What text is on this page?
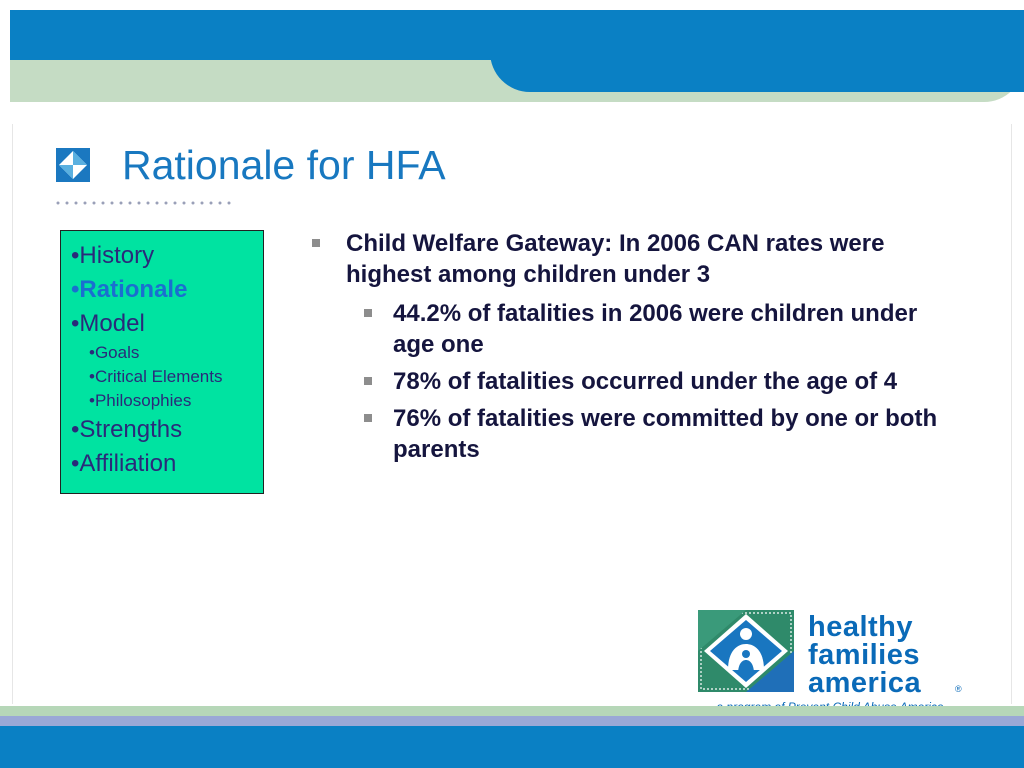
Rationale for HFA
•History
•Rationale
•Model
•Goals
•Critical Elements
•Philosophies
•Strengths
•Affiliation
Child Welfare Gateway: In 2006 CAN rates were highest among children under 3
44.2% of fatalities in 2006 were children under age one
78% of fatalities occurred under the age of 4
76% of fatalities were committed by one or both parents
healthy
families
america	®
